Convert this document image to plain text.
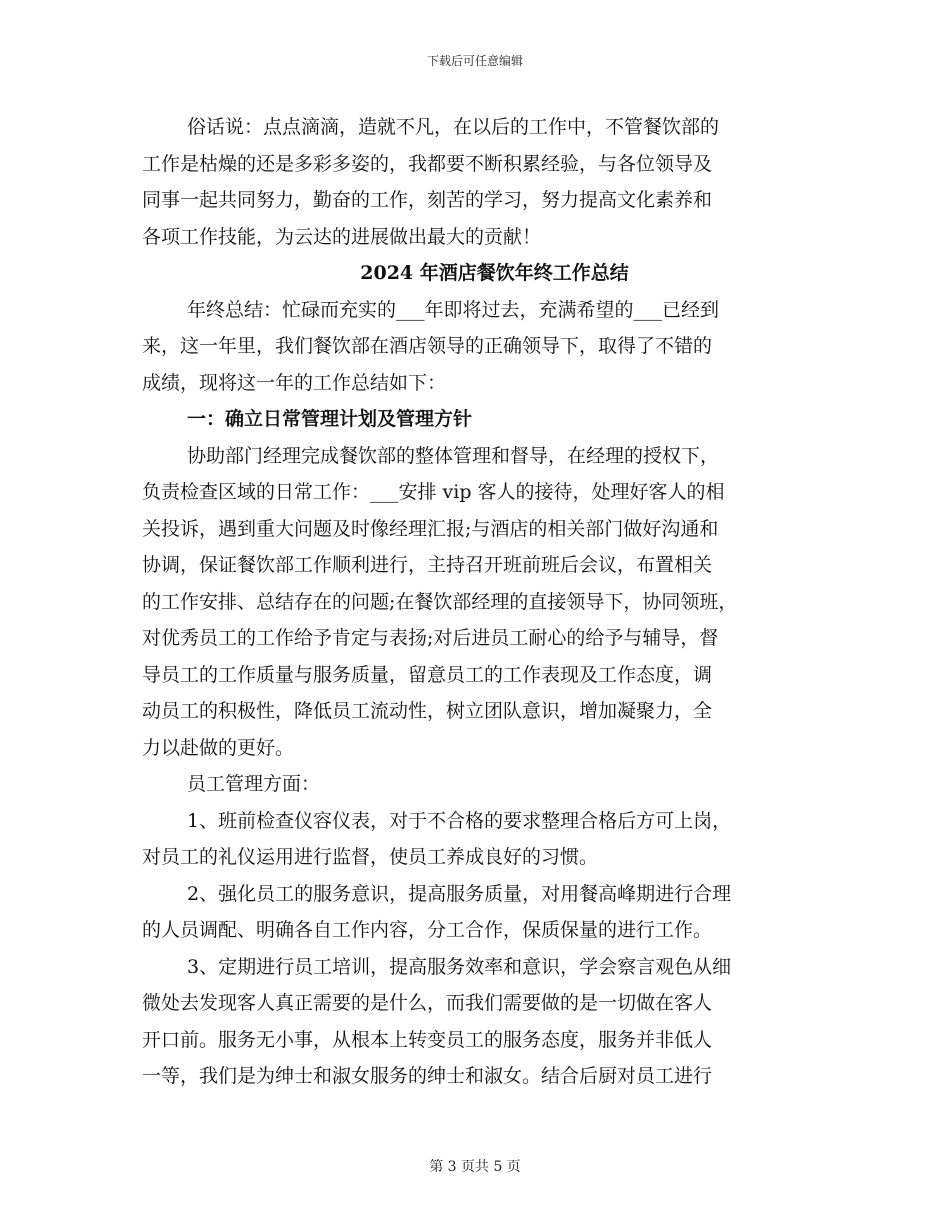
下载后可任意编辑
俗话说：点点滴滴，造就不凡，在以后的工作中，不管餐饮部的
工作是枯燥的还是多彩多姿的，我都要不断积累经验，与各位领导及
同事一起共同努力，勤奋的工作，刻苦的学习，努力提高文化素养和
各项工作技能，为云达的进展做出最大的贡献！
2024 年酒店餐饮年终工作总结
年终总结：忙碌而充实的___年即将过去，充满希望的___已经到
来，这一年里，我们餐饮部在酒店领导的正确领导下，取得了不错的
成绩，现将这一年的工作总结如下：
一：确立日常管理计划及管理方针
协助部门经理完成餐饮部的整体管理和督导，在经理的授权下，
负责检查区域的日常工作：___安排 vip 客人的接待，处理好客人的相
关投诉，遇到重大问题及时像经理汇报;与酒店的相关部门做好沟通和
协调，保证餐饮部工作顺利进行，主持召开班前班后会议，布置相关
的工作安排、总结存在的问题;在餐饮部经理的直接领导下，协同领班，
对优秀员工的工作给予肯定与表扬;对后进员工耐心的给予与辅导，督
导员工的工作质量与服务质量，留意员工的工作表现及工作态度，调
动员工的积极性，降低员工流动性，树立团队意识，增加凝聚力，全
力以赴做的更好。
员工管理方面：
1、班前检查仪容仪表，对于不合格的要求整理合格后方可上岗，
对员工的礼仪运用进行监督，使员工养成良好的习惯。
2、强化员工的服务意识，提高服务质量，对用餐高峰期进行合理
的人员调配、明确各自工作内容，分工合作，保质保量的进行工作。
3、定期进行员工培训，提高服务效率和意识，学会察言观色从细
微处去发现客人真正需要的是什么，而我们需要做的是一切做在客人
开口前。服务无小事，从根本上转变员工的服务态度，服务并非低人
一等，我们是为绅士和淑女服务的绅士和淑女。结合后厨对员工进行
第 3 页共 5 页
